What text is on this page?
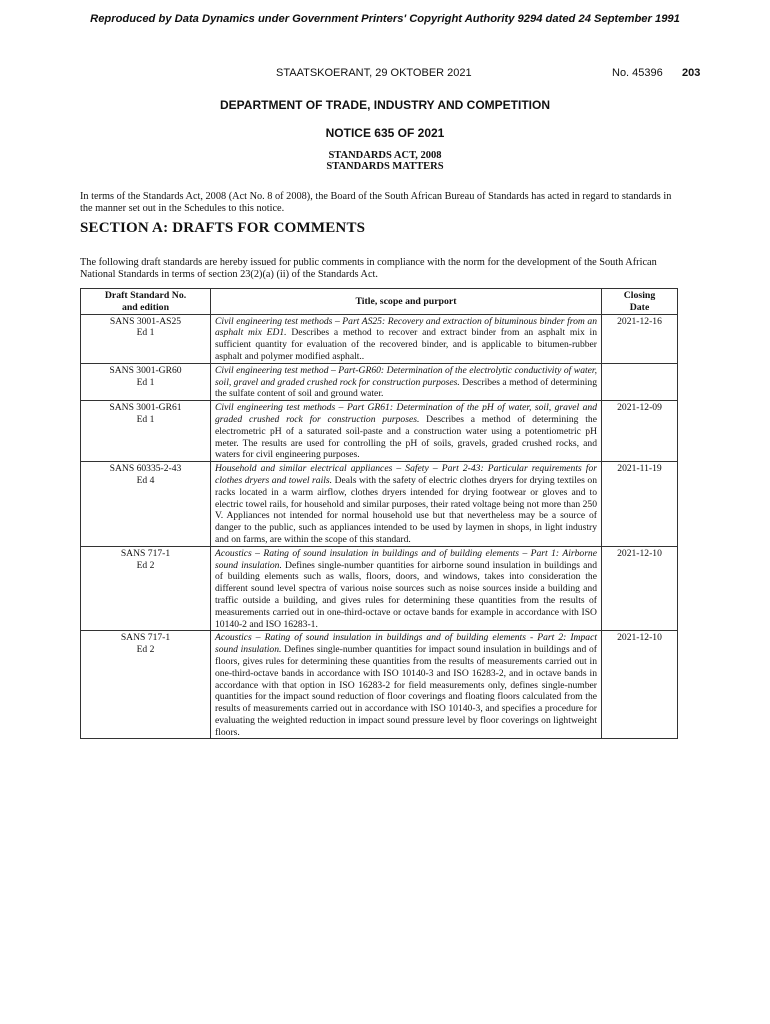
Reproduced by Data Dynamics under Government Printers' Copyright Authority 9294 dated 24 September 1991
STAATSKOERANT, 29 OKTOBER 2021	No. 45396 203
DEPARTMENT OF TRADE, INDUSTRY AND COMPETITION
NOTICE 635 OF 2021
STANDARDS ACT, 2008
STANDARDS MATTERS
In terms of the Standards Act, 2008 (Act No. 8 of 2008), the Board of the South African Bureau of Standards has acted in regard to standards in the manner set out in the Schedules to this notice.
SECTION A: DRAFTS FOR COMMENTS
The following draft standards are hereby issued for public comments in compliance with the norm for the development of the South African National Standards in terms of section 23(2)(a) (ii) of the Standards Act.
Draft Standard No.
and edition	Title, scope and purport	Closing
Date

SANS 3001-AS25
Ed 1	Civil engineering test methods – Part AS25: Recovery and extraction of bituminous binder from an asphalt mix ED1. Describes a method to recover and extract binder from an asphalt mix in sufficient quantity for evaluation of the recovered binder, and is applicable to bitumen-rubber asphalt and polymer modified asphalt..	2021-12-16

SANS 3001-GR60
Ed 1	Civil engineering test method – Part-GR60: Determination of the electrolytic conductivity of water, soil, gravel and graded crushed rock for construction purposes. Describes a method of determining the sulfate content of soil and ground water.	

SANS 3001-GR61
Ed 1	Civil engineering test methods – Part GR61: Determination of the pH of water, soil, gravel and graded crushed rock for construction purposes. Describes a method of determining the electrometric pH of a saturated soil-paste and a construction water using a potentiometric pH meter. The results are used for controlling the pH of soils, gravels, graded crushed rocks, and waters for civil engineering purposes.	2021-12-09

SANS 60335-2-43
Ed 4	Household and similar electrical appliances – Safety – Part 2-43: Particular requirements for clothes dryers and towel rails. Deals with the safety of electric clothes dryers for drying textiles on racks located in a warm airflow, clothes dryers intended for drying footwear or gloves and to electric towel rails, for household and similar purposes, their rated voltage being not more than 250 V. Appliances not intended for normal household use but that nevertheless may be a source of danger to the public, such as appliances intended to be used by laymen in shops, in light industry and on farms, are within the scope of this standard.	2021-11-19

SANS 717-1
Ed 2	Acoustics – Rating of sound insulation in buildings and of building elements – Part 1: Airborne sound insulation. Defines single-number quantities for airborne sound insulation in buildings and of building elements such as walls, floors, doors, and windows, takes into consideration the different sound level spectra of various noise sources such as noise sources inside a building and traffic outside a building, and gives rules for determining these quantities from the results of measurements carried out in one-third-octave or octave bands for example in accordance with ISO 10140-2 and ISO 16283-1.	2021-12-10

SANS 717-1
Ed 2	Acoustics – Rating of sound insulation in buildings and of building elements - Part 2: Impact sound insulation. Defines single-number quantities for impact sound insulation in buildings and of floors, gives rules for determining these quantities from the results of measurements carried out in one-third-octave bands in accordance with ISO 10140-3 and ISO 16283-2, and in octave bands in accordance with that option in ISO 16283-2 for field measurements only, defines single-number quantities for the impact sound reduction of floor coverings and floating floors calculated from the results of measurements carried out in accordance with ISO 10140-3, and specifies a procedure for evaluating the weighted reduction in impact sound pressure level by floor coverings on lightweight floors.	2021-12-10
